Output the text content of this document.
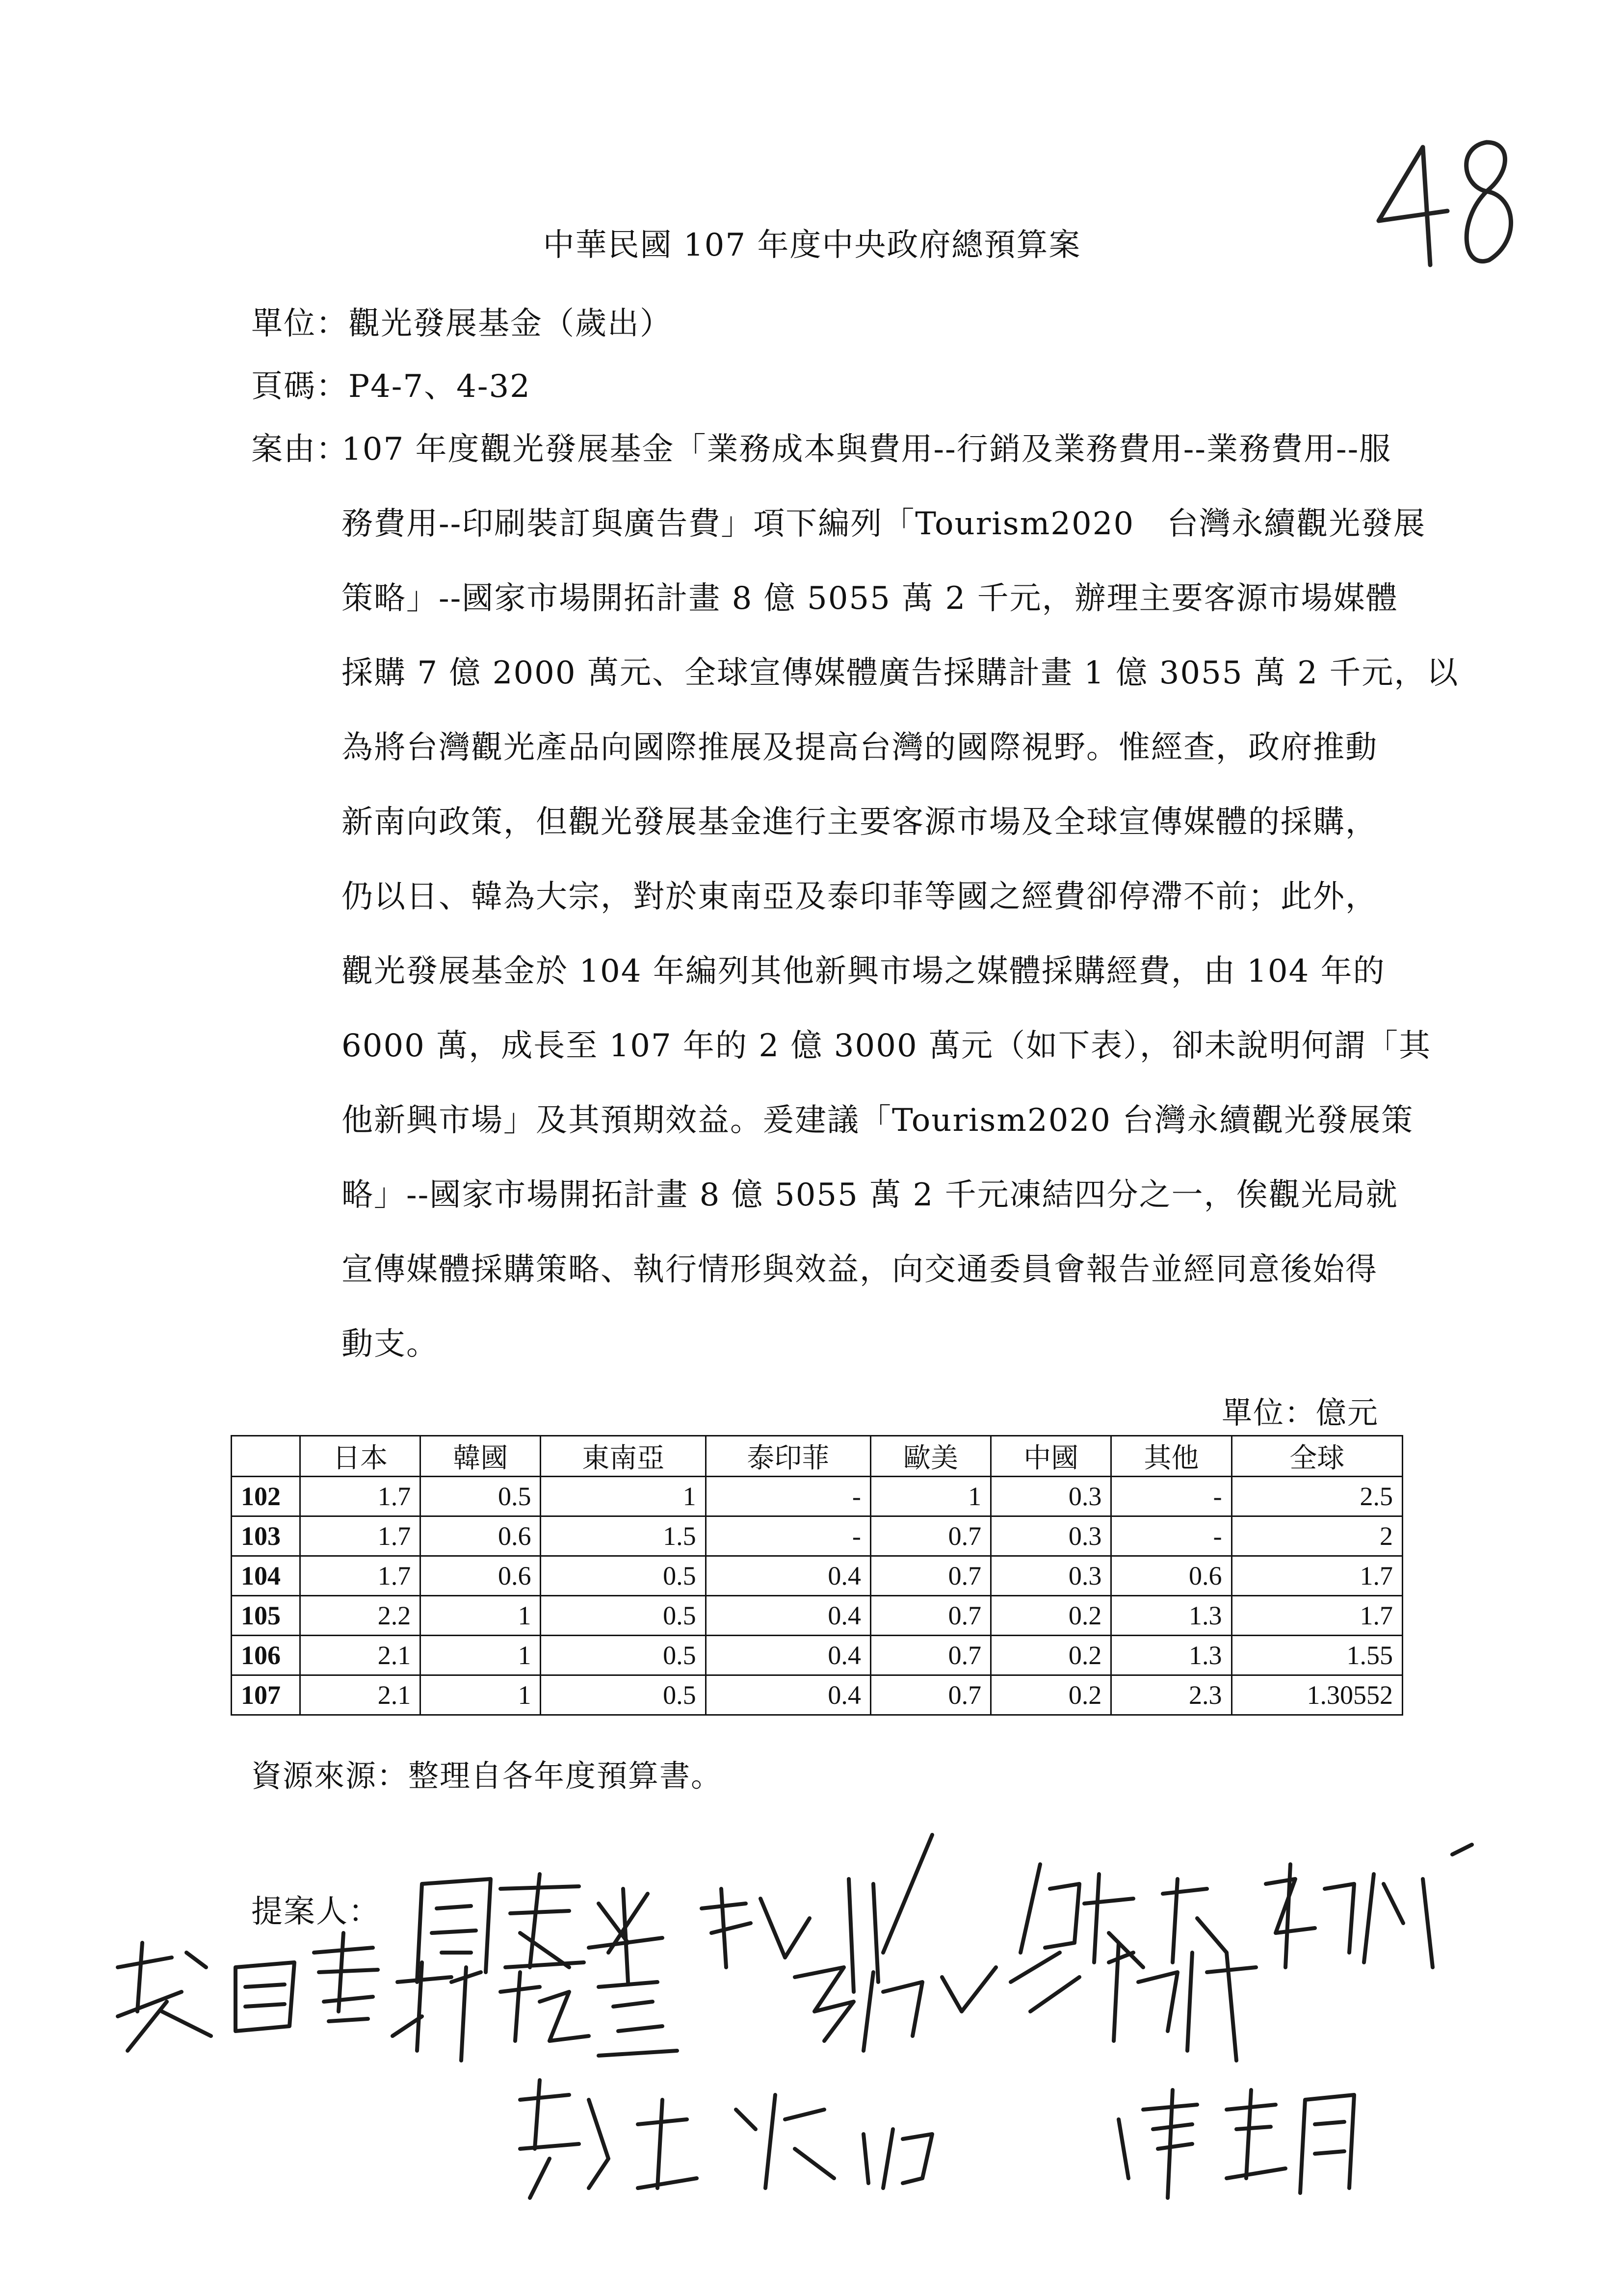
中華民國 107 年度中央政府總預算案
單位：觀光發展基金（歲出）
頁碼：P4-7、4-32
案由：
107 年度觀光發展基金「業務成本與費用--行銷及業務費用--業務費用--服
務費用--印刷裝訂與廣告費」項下編列「Tourism2020　台灣永續觀光發展
策略」--國家市場開拓計畫 8 億 5055 萬 2 千元，辦理主要客源市場媒體
採購 7 億 2000 萬元、全球宣傳媒體廣告採購計畫 1 億 3055 萬 2 千元，以
為將台灣觀光產品向國際推展及提高台灣的國際視野。惟經查，政府推動
新南向政策，但觀光發展基金進行主要客源市場及全球宣傳媒體的採購，
仍以日、韓為大宗，對於東南亞及泰印菲等國之經費卻停滯不前；此外，
觀光發展基金於 104 年編列其他新興市場之媒體採購經費，由 104 年的
6000 萬，成長至 107 年的 2 億 3000 萬元（如下表），卻未說明何謂「其
他新興市場」及其預期效益。爰建議「Tourism2020 台灣永續觀光發展策
略」--國家市場開拓計畫 8 億 5055 萬 2 千元凍結四分之一，俟觀光局就
宣傳媒體採購策略、執行情形與效益，向交通委員會報告並經同意後始得
動支。
單位：億元
	日本	韓國	東南亞	泰印菲	歐美	中國	其他	全球
102	1.7	0.5	1	-	1	0.3	-	2.5
103	1.7	0.6	1.5	-	0.7	0.3	-	2
104	1.7	0.6	0.5	0.4	0.7	0.3	0.6	1.7
105	2.2	1	0.5	0.4	0.7	0.2	1.3	1.7
106	2.1	1	0.5	0.4	0.7	0.2	1.3	1.55
107	2.1	1	0.5	0.4	0.7	0.2	2.3	1.30552
資源來源：整理自各年度預算書。
提案人：
